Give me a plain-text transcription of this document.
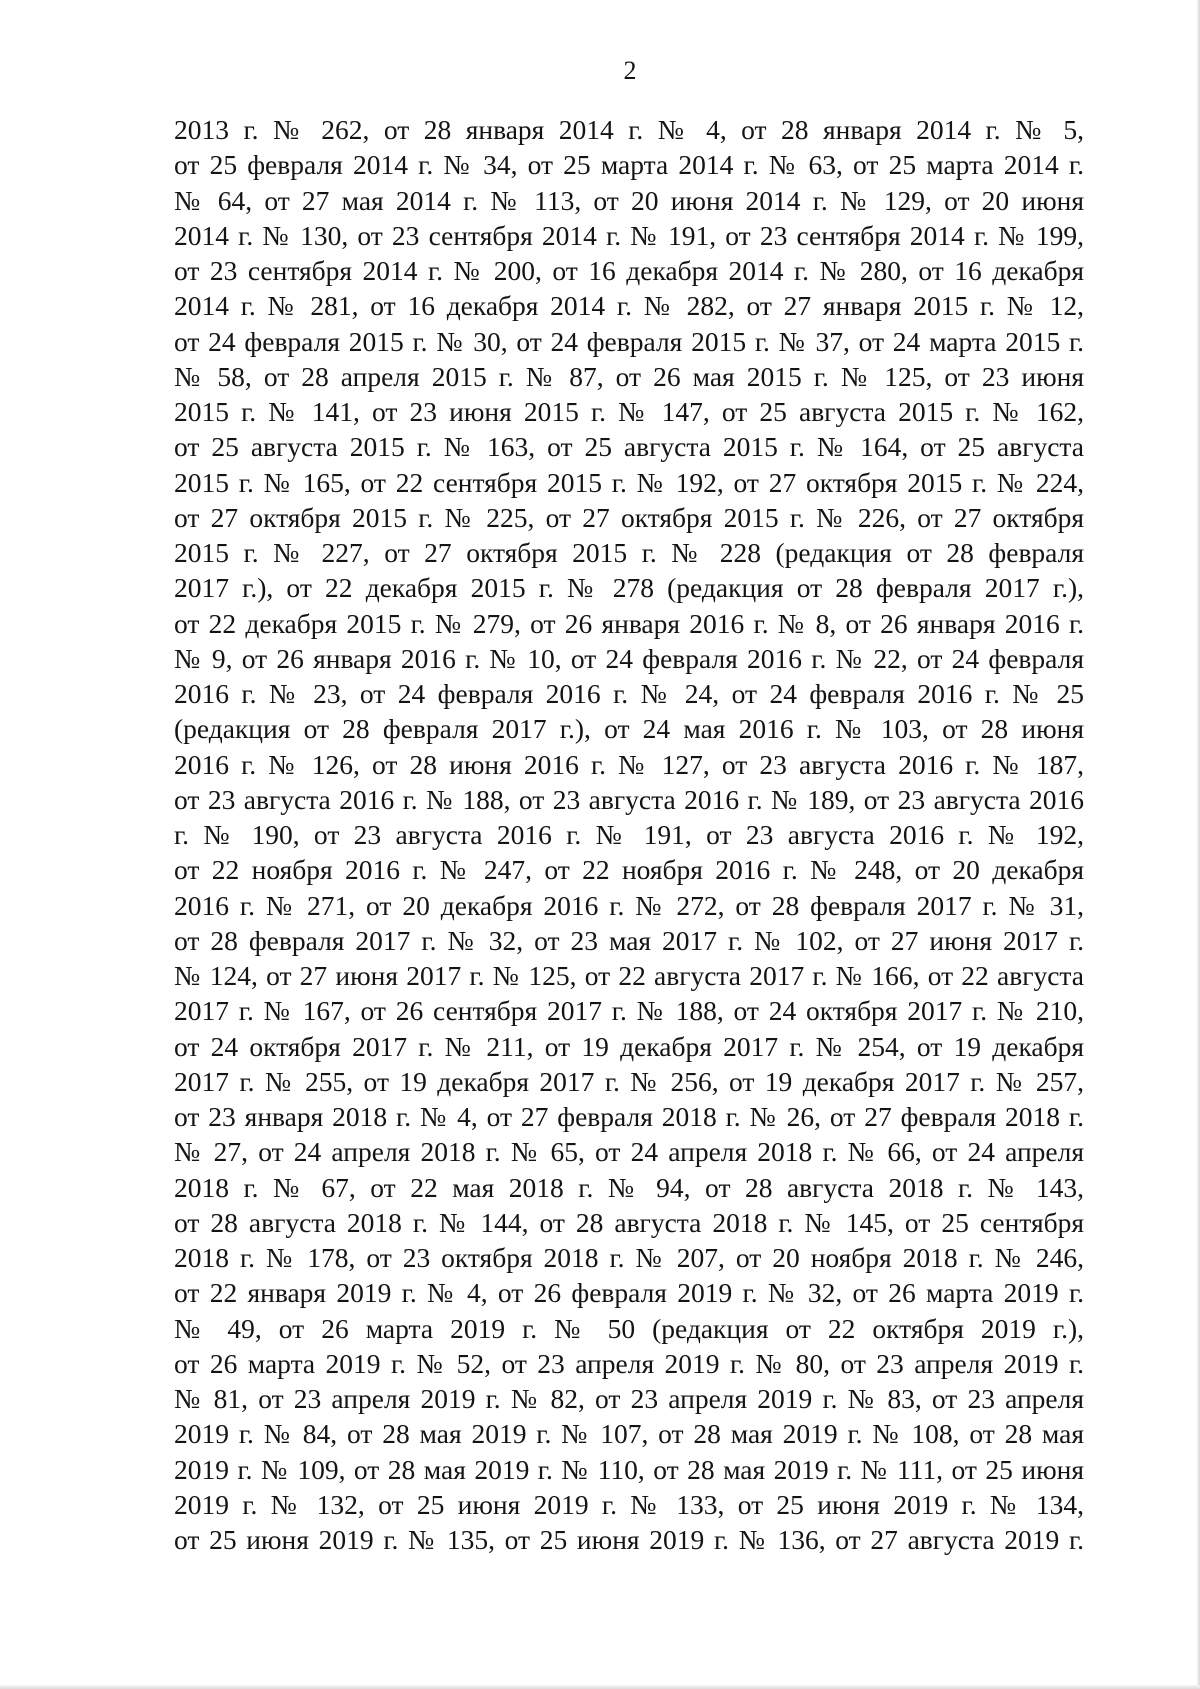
2
2013 г. № 262, от 28 января 2014 г. № 4, от 28 января 2014 г. № 5,
от 25 февраля 2014 г. № 34, от 25 марта 2014 г. № 63, от 25 марта 2014 г.
№ 64, от 27 мая 2014 г. № 113, от 20 июня 2014 г. № 129, от 20 июня
2014 г. № 130, от 23 сентября 2014 г. № 191, от 23 сентября 2014 г. № 199,
от 23 сентября 2014 г. № 200, от 16 декабря 2014 г. № 280, от 16 декабря
2014 г. № 281, от 16 декабря 2014 г. № 282, от 27 января 2015 г. № 12,
от 24 февраля 2015 г. № 30, от 24 февраля 2015 г. № 37, от 24 марта 2015 г.
№ 58, от 28 апреля 2015 г. № 87, от 26 мая 2015 г. № 125, от 23 июня
2015 г. № 141, от 23 июня 2015 г. № 147, от 25 августа 2015 г. № 162,
от 25 августа 2015 г. № 163, от 25 августа 2015 г. № 164, от 25 августа
2015 г. № 165, от 22 сентября 2015 г. № 192, от 27 октября 2015 г. № 224,
от 27 октября 2015 г. № 225, от 27 октября 2015 г. № 226, от 27 октября
2015 г. № 227, от 27 октября 2015 г. № 228 (редакция от 28 февраля
2017 г.), от 22 декабря 2015 г. № 278 (редакция от 28 февраля 2017 г.),
от 22 декабря 2015 г. № 279, от 26 января 2016 г. № 8, от 26 января 2016 г.
№ 9, от 26 января 2016 г. № 10, от 24 февраля 2016 г. № 22, от 24 февраля
2016 г. № 23, от 24 февраля 2016 г. № 24, от 24 февраля 2016 г. № 25
(редакция от 28 февраля 2017 г.), от 24 мая 2016 г. № 103, от 28 июня
2016 г. № 126, от 28 июня 2016 г. № 127, от 23 августа 2016 г. № 187,
от 23 августа 2016 г. № 188, от 23 августа 2016 г. № 189, от 23 августа 2016
г. № 190, от 23 августа 2016 г. № 191, от 23 августа 2016 г. № 192,
от 22 ноября 2016 г. № 247, от 22 ноября 2016 г. № 248, от 20 декабря
2016 г. № 271, от 20 декабря 2016 г. № 272, от 28 февраля 2017 г. № 31,
от 28 февраля 2017 г. № 32, от 23 мая 2017 г. № 102, от 27 июня 2017 г.
№ 124, от 27 июня 2017 г. № 125, от 22 августа 2017 г. № 166, от 22 августа
2017 г. № 167, от 26 сентября 2017 г. № 188, от 24 октября 2017 г. № 210,
от 24 октября 2017 г. № 211, от 19 декабря 2017 г. № 254, от 19 декабря
2017 г. № 255, от 19 декабря 2017 г. № 256, от 19 декабря 2017 г. № 257,
от 23 января 2018 г. № 4, от 27 февраля 2018 г. № 26, от 27 февраля 2018 г.
№ 27, от 24 апреля 2018 г. № 65, от 24 апреля 2018 г. № 66, от 24 апреля
2018 г. № 67, от 22 мая 2018 г. № 94, от 28 августа 2018 г. № 143,
от 28 августа 2018 г. № 144, от 28 августа 2018 г. № 145, от 25 сентября
2018 г. № 178, от 23 октября 2018 г. № 207, от 20 ноября 2018 г. № 246,
от 22 января 2019 г. № 4, от 26 февраля 2019 г. № 32, от 26 марта 2019 г.
№ 49, от 26 марта 2019 г. № 50 (редакция от 22 октября 2019 г.),
от 26 марта 2019 г. № 52, от 23 апреля 2019 г. № 80, от 23 апреля 2019 г.
№ 81, от 23 апреля 2019 г. № 82, от 23 апреля 2019 г. № 83, от 23 апреля
2019 г. № 84, от 28 мая 2019 г. № 107, от 28 мая 2019 г. № 108, от 28 мая
2019 г. № 109, от 28 мая 2019 г. № 110, от 28 мая 2019 г. № 111, от 25 июня
2019 г. № 132, от 25 июня 2019 г. № 133, от 25 июня 2019 г. № 134,
от 25 июня 2019 г. № 135, от 25 июня 2019 г. № 136, от 27 августа 2019 г.
